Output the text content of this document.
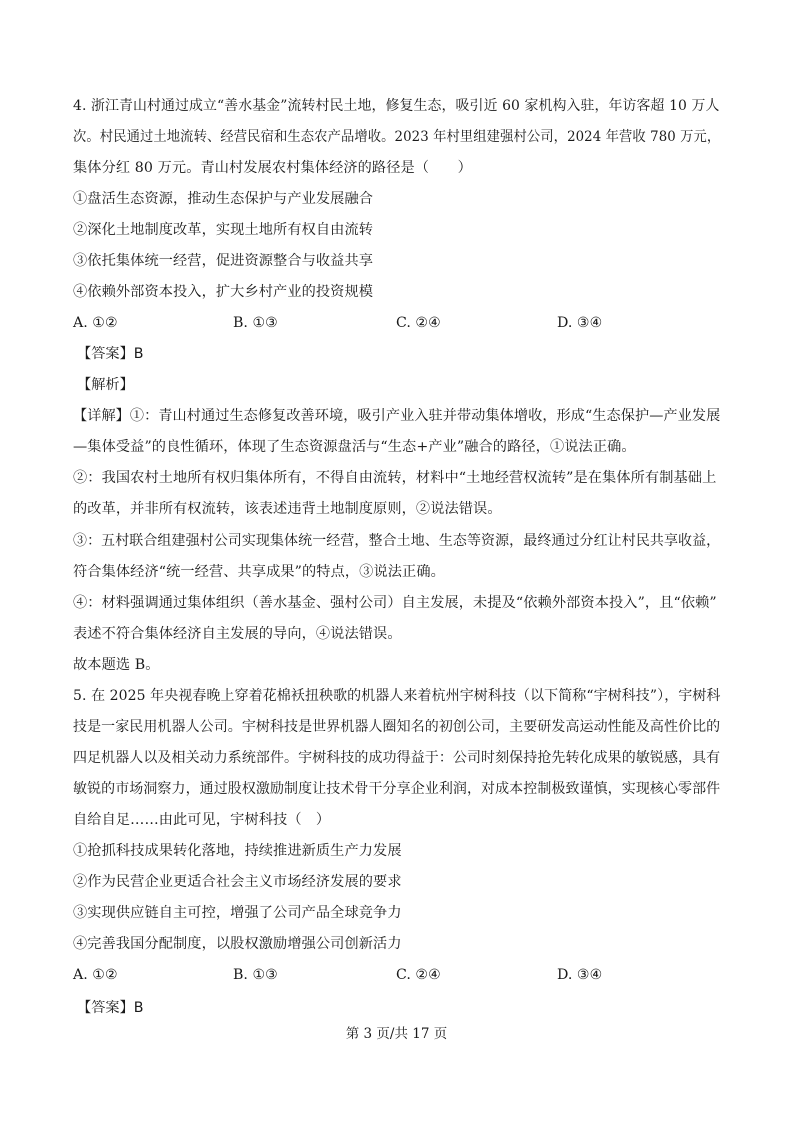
4. 浙江青山村通过成立“善水基金”流转村民土地，修复生态，吸引近 60 家机构入驻，年访客超 10 万人
次。村民通过土地流转、经营民宿和生态农产品增收。2023 年村里组建强村公司，2024 年营收 780 万元，
集体分红 80 万元。青山村发展农村集体经济的路径是（　　）
①盘活生态资源，推动生态保护与产业发展融合
②深化土地制度改革，实现土地所有权自由流转
③依托集体统一经营，促进资源整合与收益共享
④依赖外部资本投入，扩大乡村产业的投资规模
A. ①②	B. ①③	C. ②④	D. ③④
【答案】B
【解析】
【详解】①：青山村通过生态修复改善环境，吸引产业入驻并带动集体增收，形成“生态保护—产业发展
—集体受益”的良性循环，体现了生态资源盘活与“生态+产业”融合的路径，①说法正确。
②：我国农村土地所有权归集体所有，不得自由流转，材料中“土地经营权流转”是在集体所有制基础上
的改革，并非所有权流转，该表述违背土地制度原则，②说法错误。
③：五村联合组建强村公司实现集体统一经营，整合土地、生态等资源，最终通过分红让村民共享收益，
符合集体经济“统一经营、共享成果”的特点，③说法正确。
④：材料强调通过集体组织（善水基金、强村公司）自主发展，未提及“依赖外部资本投入”，且“依赖”
表述不符合集体经济自主发展的导向，④说法错误。
故本题选 B。
5. 在 2025 年央视春晚上穿着花棉袄扭秧歌的机器人来着杭州宇树科技（以下简称“宇树科技”），宇树科
技是一家民用机器人公司。宇树科技是世界机器人圈知名的初创公司，主要研发高运动性能及高性价比的
四足机器人以及相关动力系统部件。宇树科技的成功得益于：公司时刻保持抢先转化成果的敏锐感，具有
敏锐的市场洞察力，通过股权激励制度让技术骨干分享企业利润，对成本控制极致谨慎，实现核心零部件
自给自足……由此可见，宇树科技（　）
①抢抓科技成果转化落地，持续推进新质生产力发展
②作为民营企业更适合社会主义市场经济发展的要求
③实现供应链自主可控，增强了公司产品全球竞争力
④完善我国分配制度，以股权激励增强公司创新活力
A. ①②	B. ①③	C. ②④	D. ③④
【答案】B
第 3 页/共 17 页
